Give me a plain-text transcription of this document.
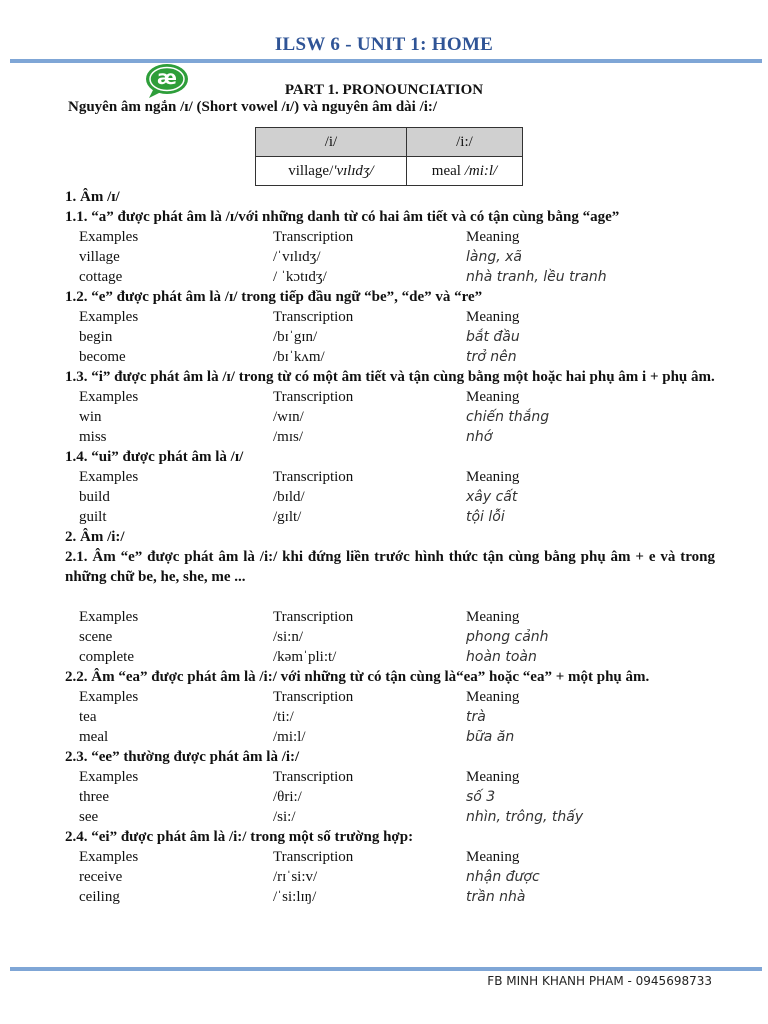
ILSW 6 - UNIT 1: HOME
æ
PART 1. PRONOUNCIATION
Nguyên âm ngắn /ɪ/ (Short vowel /ɪ/) và nguyên âm dài /i:/
/i/	/i:/
village/'vɪlɪdʒ/	meal /mi:l/
1. Âm /ɪ/
1.1. “a” được phát âm là /ɪ/với những danh từ có hai âm tiết và có tận cùng bằng “age”
Examples	Transcription	Meaning
village	/ˈvɪlɪdʒ/	làng, xã
cottage	/ ˈkɔtɪdʒ/	nhà tranh, lều tranh
1.2. “e” được phát âm là /ɪ/ trong tiếp đầu ngữ “be”, “de” và “re”
Examples	Transcription	Meaning
begin	/bɪˈgɪn/	bắt đầu
become	/bɪˈkʌm/	trở nên
1.3. “i” được phát âm là /ɪ/ trong từ có một âm tiết và tận cùng bằng một hoặc hai phụ âm i + phụ âm.
Examples	Transcription	Meaning
win	/wɪn/	chiến thắng
miss	/mɪs/	nhớ
1.4. “ui” được phát âm là /ɪ/
Examples	Transcription	Meaning
build	/bɪld/	xây cất
guilt	/gɪlt/	tội lỗi
2. Âm /i:/
2.1. Âm “e” được phát âm là /i:/ khi đứng liền trước hình thức tận cùng bằng phụ âm + e và trong những chữ be, he, she, me ...
Examples	Transcription	Meaning
scene	/si:n/	phong cảnh
complete	/kəmˈpli:t/	hoàn toàn
2.2. Âm “ea” được phát âm là /i:/ với những từ có tận cùng là“ea” hoặc “ea” + một phụ âm.
Examples	Transcription	Meaning
tea	/ti:/	trà
meal	/mi:l/	bữa ăn
2.3. “ee” thường được phát âm là /i:/
Examples	Transcription	Meaning
three	/θri:/	số 3
see	/si:/	nhìn, trông, thấy
2.4. “ei” được phát âm là /i:/ trong một số trường hợp:
Examples	Transcription	Meaning
receive	/rɪˈsi:v/	nhận được
ceiling	/ˈsi:lɪŋ/	trần nhà
FB MINH KHANH PHAM - 0945698733
